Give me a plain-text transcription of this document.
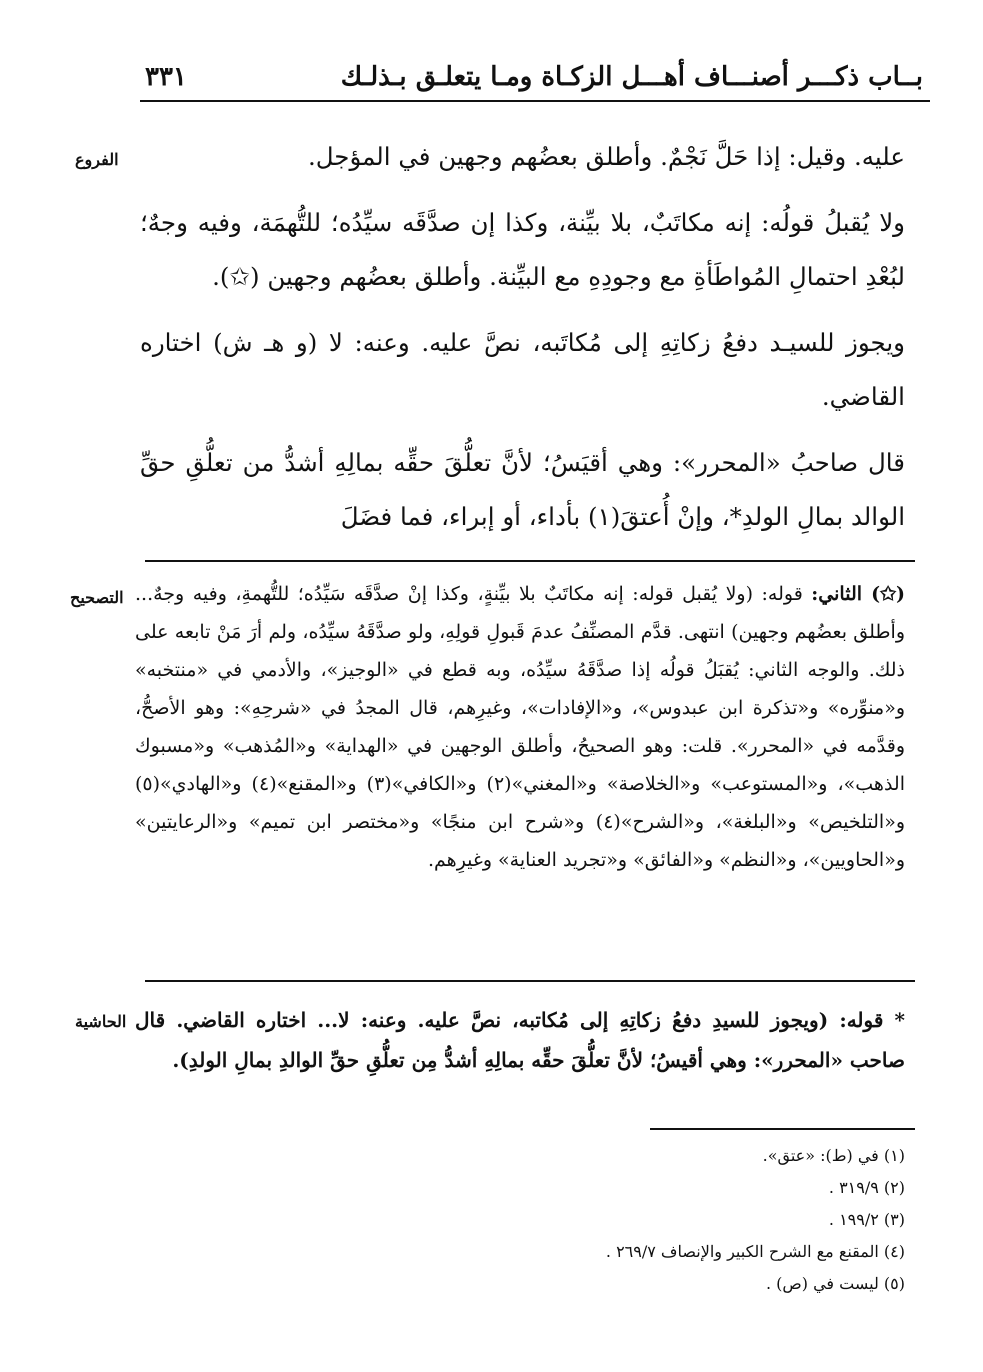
بــاب ذكـــر أصنـــاف أهـــل الزكـاة ومـا يتعلـق بـذلـك
٣٣١
الفروع	عليه. وقيل: إذا حَلَّ نَجْمٌ. وأطلق بعضُهم وجهين في المؤجل.

ولا يُقبلُ قولُه: إنه مكاتَبٌ، بلا بيِّنة، وكذا إن صدَّقَه سيِّدُه؛ للتُّهمَة، وفيه وجهٌ؛ لبُعْدِ احتمالِ المُواطَأةِ مع وجودِهِ مع البيِّنة. وأطلق بعضُهم وجهين (✩).

ويجوز للسيـد دفعُ زكاتِهِ إلى مُكاتَبه، نصَّ عليه. وعنه: لا (و هـ ش) اختاره القاضي.

قال صاحبُ «المحرر»: وهي أقيَسُ؛ لأنَّ تعلُّقَ حقِّه بمالِهِ أشدُّ من تعلُّقِ حقِّ الوالد بمالِ الولدِ*، وإنْ أُعتقَ(١) بأداء، أو إبراء، فما فضَلَ

التصحيح	(✩) الثاني: قوله: (ولا يُقبل قوله: إنه مكاتَبٌ بلا بيِّنةٍ، وكذا إنْ صدَّقَه سَيِّدُه؛ للتُّهمةِ، وفيه وجهٌ... وأطلق بعضُهم وجهين) انتهى. قدَّم المصنِّفُ عدمَ قَبولِ قولِهِ، ولو صدَّقَهُ سيِّدُه، ولم أرَ مَنْ تابعه على ذلك. والوجه الثاني: يُقبَلُ قولُه إذا صدَّقَهُ سيِّدُه، وبه قطع في «الوجيز»، والأدمي في «منتخبه» و«منوِّره» و«تذكرة ابن عبدوس»، و«الإفادات»، وغيرِهم، قال المجدُ في «شرحِهِ»: وهو الأصحُّ، وقدَّمه في «المحرر». قلت: وهو الصحيحُ، وأطلق الوجهين في «الهداية» و«المُذهب» و«مسبوك الذهب»، و«المستوعب» و«الخلاصة» و«المغني»(٢) و«الكافي»(٣) و«المقنع»(٤) و«الهادي»(٥) و«التلخيص» و«البلغة»، و«الشرح»(٤) و«شرح ابن منجًا» و«مختصر ابن تميم» و«الرعايتين» و«الحاويين»، و«النظم» و«الفائق» و«تجريد العناية» وغيرِهم.

الحاشية	* قوله: (ويجوز للسيدِ دفعُ زكاتِهِ إلى مُكاتبه، نصَّ عليه. وعنه: لا... اختاره القاضي. قال صاحب «المحرر»: وهي أقيسُ؛ لأنَّ تعلُّقَ حقِّه بمالِهِ أشدُّ مِن تعلُّقِ حقِّ الوالدِ بمالِ الولدِ).

(١) في (ط): «عتق».
(٢) ٣١٩/٩ .
(٣) ١٩٩/٢ .
(٤) المقنع مع الشرح الكبير والإنصاف ٢٦٩/٧ .
(٥) ليست في (ص) .
